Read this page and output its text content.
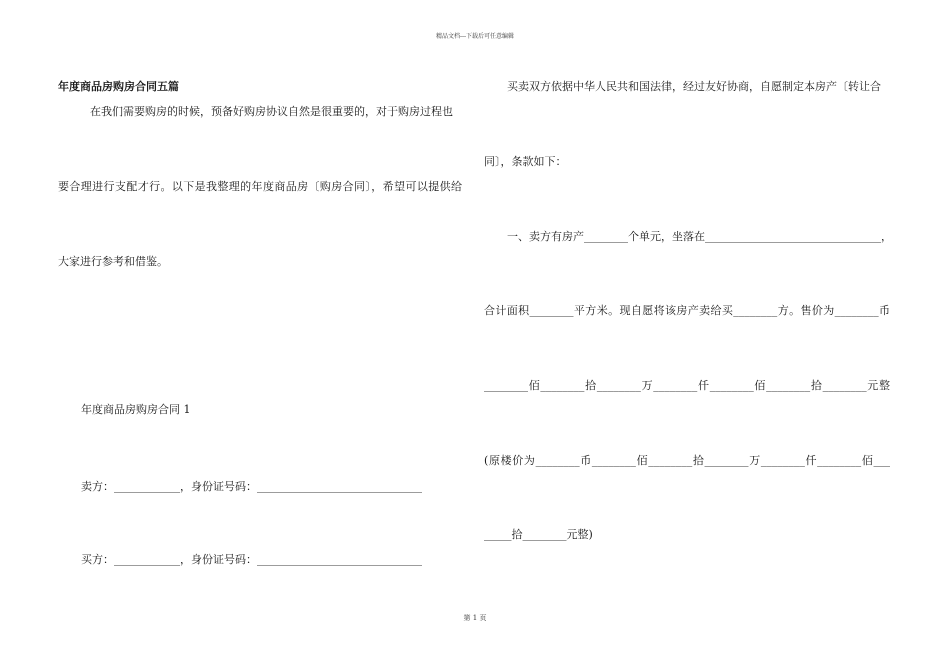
精品文档---下载后可任意编辑
年度商品房购房合同五篇
在我们需要购房的时候，预备好购房协议自然是很重要的，对于购房过程也
要合理进行支配才行。以下是我整理的年度商品房〔购房合同〕，希望可以提供给
大家进行参考和借鉴。
年度商品房购房合同 1
卖方：____________，身份证号码：______________________________
买方：____________，身份证号码：______________________________
买卖双方依据中华人民共和国法律，经过友好协商，自愿制定本房产〔转让合
同〕，条款如下：
一、卖方有房产________个单元，坐落在________________________________，
合计面积________平方米。现自愿将该房产卖给买________方。售价为________币
________佰________拾________万________仟________佰________拾________元整
(原楼价为________币________佰________拾________万________仟________佰___
_____拾________元整)
第 1 页
